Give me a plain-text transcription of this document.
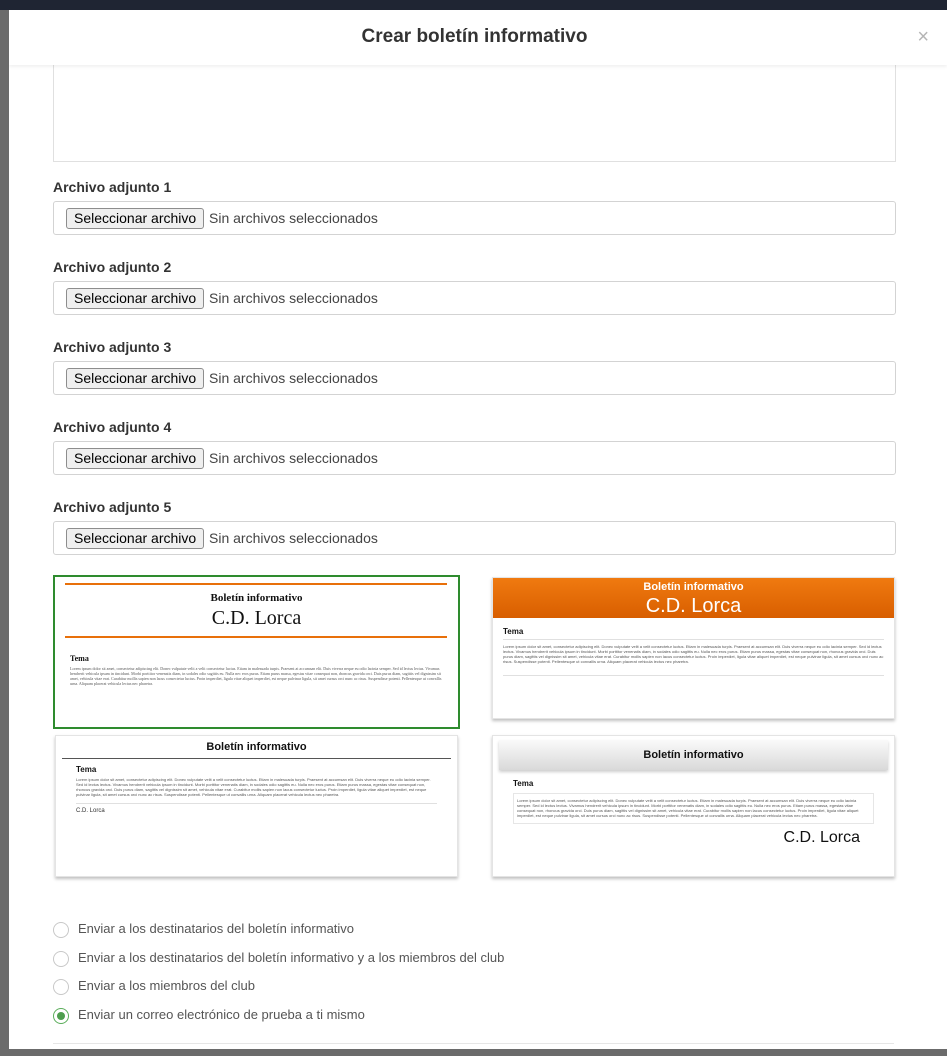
Crear boletín informativo	×
Archivo adjunto 1
Seleccionar archivo Sin archivos seleccionados
Archivo adjunto 2
Seleccionar archivo Sin archivos seleccionados
Archivo adjunto 3
Seleccionar archivo Sin archivos seleccionados
Archivo adjunto 4
Seleccionar archivo Sin archivos seleccionados
Archivo adjunto 5
Seleccionar archivo Sin archivos seleccionados
Boletín informativo
C.D. Lorca
Tema
Lorem ipsum dolor sit amet, consectetur adipiscing elit. Donec vulputate velit a velit consectetur luctus. Etiam in malesuada turpis. Praesent at accumsan elit. Duis viverra neque eu odio lacinia semper. Sed id lectus lectus. Vivamus hendrerit vehicula ipsum in tincidunt. Morbi porttitor venenatis diam, in sodales odio sagittis eu. Nulla nec eros purus. Etiam purus massa, egestas vitae consequat non, rhoncus gravida orci. Duis purus diam, sagittis vel dignissim sit amet, vehicula vitae erat. Curabitur mollis sapien non lacus consectetur luctus. Proin imperdiet, ligula vitae aliquet imperdiet, est neque pulvinar ligula, sit amet cursus orci nunc ac risus. Suspendisse potenti. Pellentesque ut convallis urna. Aliquam placerat vehicula lectus nec pharetra.
Boletín informativo
C.D. Lorca
Tema
Lorem ipsum dolor sit amet, consectetur adipiscing elit. Donec vulputate velit a velit consectetur luctus. Etiam in malesuada turpis. Praesent at accumsan elit. Duis viverra neque eu odio lacinia semper. Sed id lectus lectus. Vivamus hendrerit vehicula ipsum in tincidunt. Morbi porttitor venenatis diam, in sodales odio sagittis eu. Nulla nec eros purus. Etiam purus massa, egestas vitae consequat non, rhoncus gravida orci. Duis purus diam, sagittis vel dignissim sit amet, vehicula vitae erat. Curabitur mollis sapien non lacus consectetur luctus. Proin imperdiet, ligula vitae aliquet imperdiet, est neque pulvinar ligula, sit amet cursus orci nunc ac risus. Suspendisse potenti. Pellentesque ut convallis urna. Aliquam placerat vehicula lectus nec pharetra.
Boletín informativo
Tema
Lorem ipsum dolor sit amet, consectetur adipiscing elit. Donec vulputate velit a velit consectetur luctus. Etiam in malesuada turpis. Praesent at accumsan elit. Duis viverra neque eu odio lacinia semper. Sed id lectus lectus. Vivamus hendrerit vehicula ipsum in tincidunt. Morbi porttitor venenatis diam, in sodales odio sagittis eu. Nulla nec eros purus. Etiam purus massa, egestas vitae consequat non, rhoncus gravida orci. Duis purus diam, sagittis vel dignissim sit amet, vehicula vitae erat. Curabitur mollis sapien non lacus consectetur luctus. Proin imperdiet, ligula vitae aliquet imperdiet, est neque pulvinar ligula, sit amet cursus orci nunc ac risus. Suspendisse potenti. Pellentesque ut convallis urna. Aliquam placerat vehicula lectus nec pharetra.
C.D. Lorca
Boletín informativo
Tema
Lorem ipsum dolor sit amet, consectetur adipiscing elit. Donec vulputate velit a velit consectetur luctus. Etiam in malesuada turpis. Praesent at accumsan elit. Duis viverra neque eu odio lacinia semper. Sed id lectus lectus. Vivamus hendrerit vehicula ipsum in tincidunt. Morbi porttitor venenatis diam, in sodales odio sagittis eu. Nulla nec eros purus. Etiam purus massa, egestas vitae consequat non, rhoncus gravida orci. Duis purus diam, sagittis vel dignissim sit amet, vehicula vitae erat. Curabitur mollis sapien non lacus consectetur luctus. Proin imperdiet, ligula vitae aliquet imperdiet, est neque pulvinar ligula, sit amet cursus orci nunc ac risus. Suspendisse potenti. Pellentesque ut convallis urna. Aliquam placerat vehicula lectus nec pharetra.
C.D. Lorca
Enviar a los destinatarios del boletín informativo
Enviar a los destinatarios del boletín informativo y a los miembros del club
Enviar a los miembros del club
Enviar un correo electrónico de prueba a ti mismo
